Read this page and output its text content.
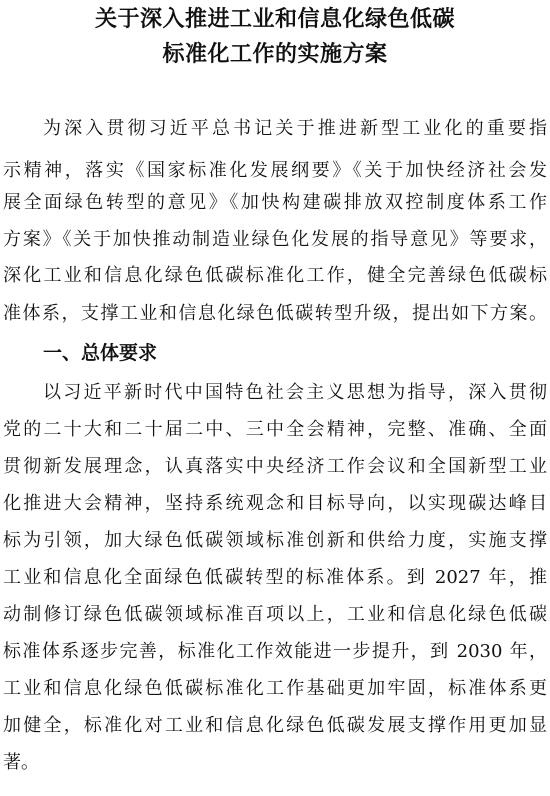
关于深入推进工业和信息化绿色低碳
标准化工作的实施方案
为深入贯彻习近平总书记关于推进新型工业化的重要指
示精神，落实《国家标准化发展纲要》《关于加快经济社会发
展全面绿色转型的意见》《加快构建碳排放双控制度体系工作
方案》《关于加快推动制造业绿色化发展的指导意见》等要求，
深化工业和信息化绿色低碳标准化工作，健全完善绿色低碳标
准体系，支撑工业和信息化绿色低碳转型升级，提出如下方案。
一、总体要求
以习近平新时代中国特色社会主义思想为指导，深入贯彻
党的二十大和二十届二中、三中全会精神，完整、准确、全面
贯彻新发展理念，认真落实中央经济工作会议和全国新型工业
化推进大会精神，坚持系统观念和目标导向，以实现碳达峰目
标为引领，加大绿色低碳领域标准创新和供给力度，实施支撑
工业和信息化全面绿色低碳转型的标准体系。到 2027 年，推
动制修订绿色低碳领域标准百项以上，工业和信息化绿色低碳
标准体系逐步完善，标准化工作效能进一步提升，到 2030 年，
工业和信息化绿色低碳标准化工作基础更加牢固，标准体系更
加健全，标准化对工业和信息化绿色低碳发展支撑作用更加显
著。
